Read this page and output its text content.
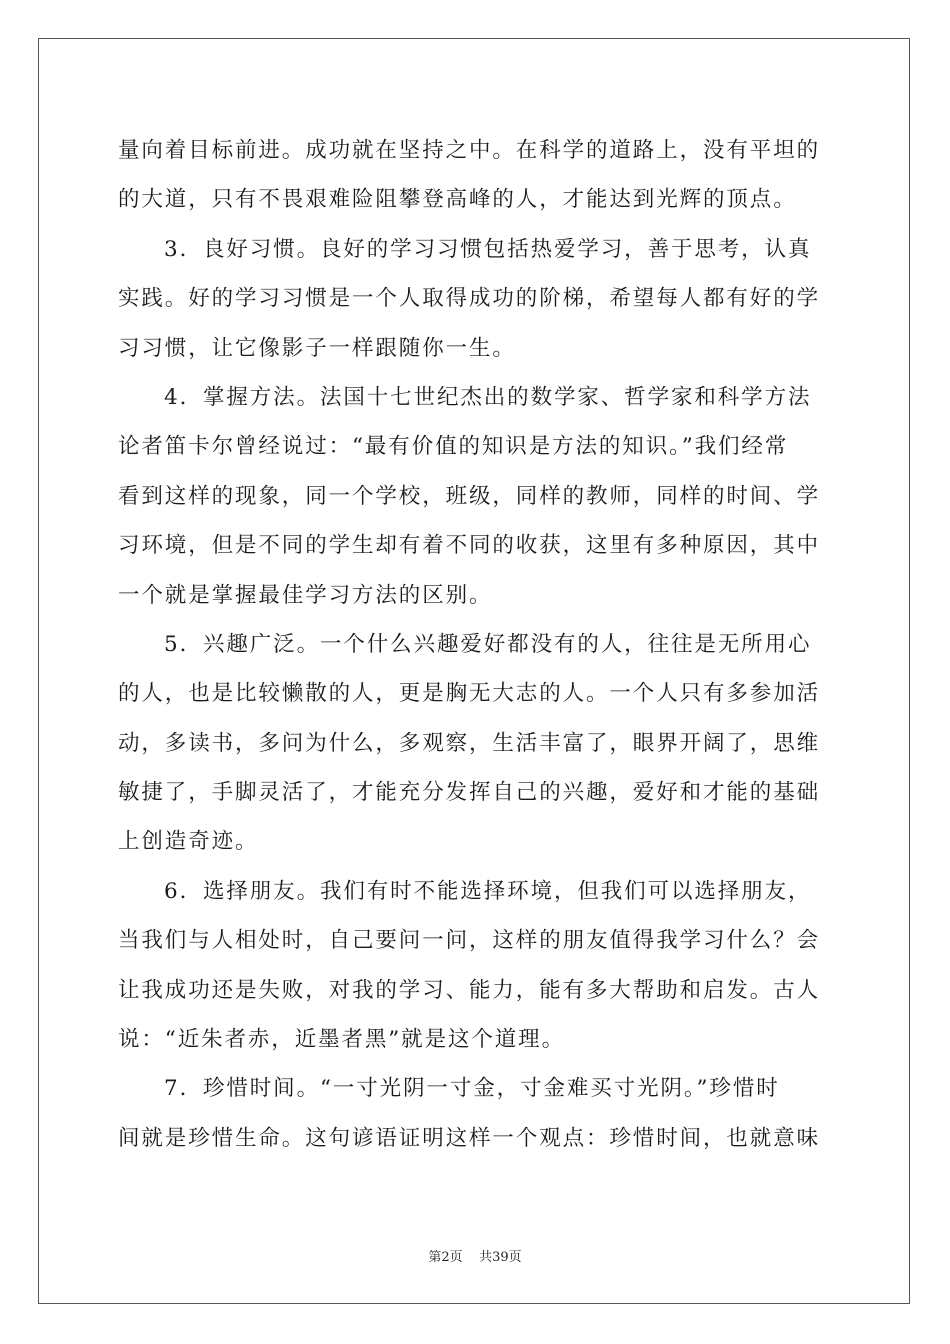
量向着目标前进。成功就在坚持之中。在科学的道路上，没有平坦的
的大道，只有不畏艰难险阻攀登高峰的人，才能达到光辉的顶点。
3．良好习惯。良好的学习习惯包括热爱学习，善于思考，认真
实践。好的学习习惯是一个人取得成功的阶梯，希望每人都有好的学
习习惯，让它像影子一样跟随你一生。
4．掌握方法。法国十七世纪杰出的数学家、哲学家和科学方法
论者笛卡尔曾经说过：“最有价值的知识是方法的知识。”我们经常
看到这样的现象，同一个学校，班级，同样的教师，同样的时间、学
习环境，但是不同的学生却有着不同的收获，这里有多种原因，其中
一个就是掌握最佳学习方法的区别。
5．兴趣广泛。一个什么兴趣爱好都没有的人，往往是无所用心
的人，也是比较懒散的人，更是胸无大志的人。一个人只有多参加活
动，多读书，多问为什么，多观察，生活丰富了，眼界开阔了，思维
敏捷了，手脚灵活了，才能充分发挥自己的兴趣，爱好和才能的基础
上创造奇迹。
6．选择朋友。我们有时不能选择环境，但我们可以选择朋友，
当我们与人相处时，自己要问一问，这样的朋友值得我学习什么？会
让我成功还是失败，对我的学习、能力，能有多大帮助和启发。古人
说：“近朱者赤，近墨者黑”就是这个道理。
7．珍惜时间。“一寸光阴一寸金，寸金难买寸光阴。”珍惜时
间就是珍惜生命。这句谚语证明这样一个观点：珍惜时间，也就意味
第2页 共39页
